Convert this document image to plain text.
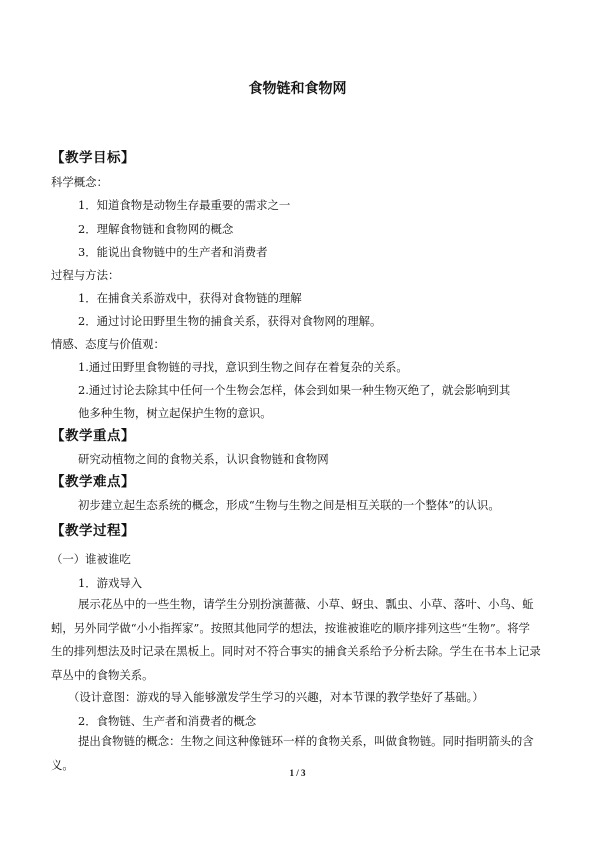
食物链和食物网
【教学目标】
科学概念：
1．知道食物是动物生存最重要的需求之一
2．理解食物链和食物网的概念
3．能说出食物链中的生产者和消费者
过程与方法：
1．在捕食关系游戏中，获得对食物链的理解
2．通过讨论田野里生物的捕食关系，获得对食物网的理解。
情感、态度与价值观：
1.通过田野里食物链的寻找，意识到生物之间存在着复杂的关系。
2.通过讨论去除其中任何一个生物会怎样，体会到如果一种生物灭绝了，就会影响到其
他多种生物，树立起保护生物的意识。
【教学重点】
研究动植物之间的食物关系，认识食物链和食物网
【教学难点】
初步建立起生态系统的概念，形成“生物与生物之间是相互关联的一个整体”的认识。
【教学过程】
（一）谁被谁吃
1．游戏导入
展示花丛中的一些生物，请学生分别扮演蔷薇、小草、蚜虫、瓢虫、小草、落叶、小鸟、蚯蚓，另外同学做“小小指挥家”。按照其他同学的想法，按谁被谁吃的顺序排列这些“生物”。将学生的排列想法及时记录在黑板上。同时对不符合事实的捕食关系给予分析去除。学生在书本上记录草丛中的食物关系。
（设计意图：游戏的导入能够激发学生学习的兴趣，对本节课的教学垫好了基础。）
2．食物链、生产者和消费者的概念
提出食物链的概念：生物之间这种像链环一样的食物关系，叫做食物链。同时指明箭头的含义。
1 / 3
